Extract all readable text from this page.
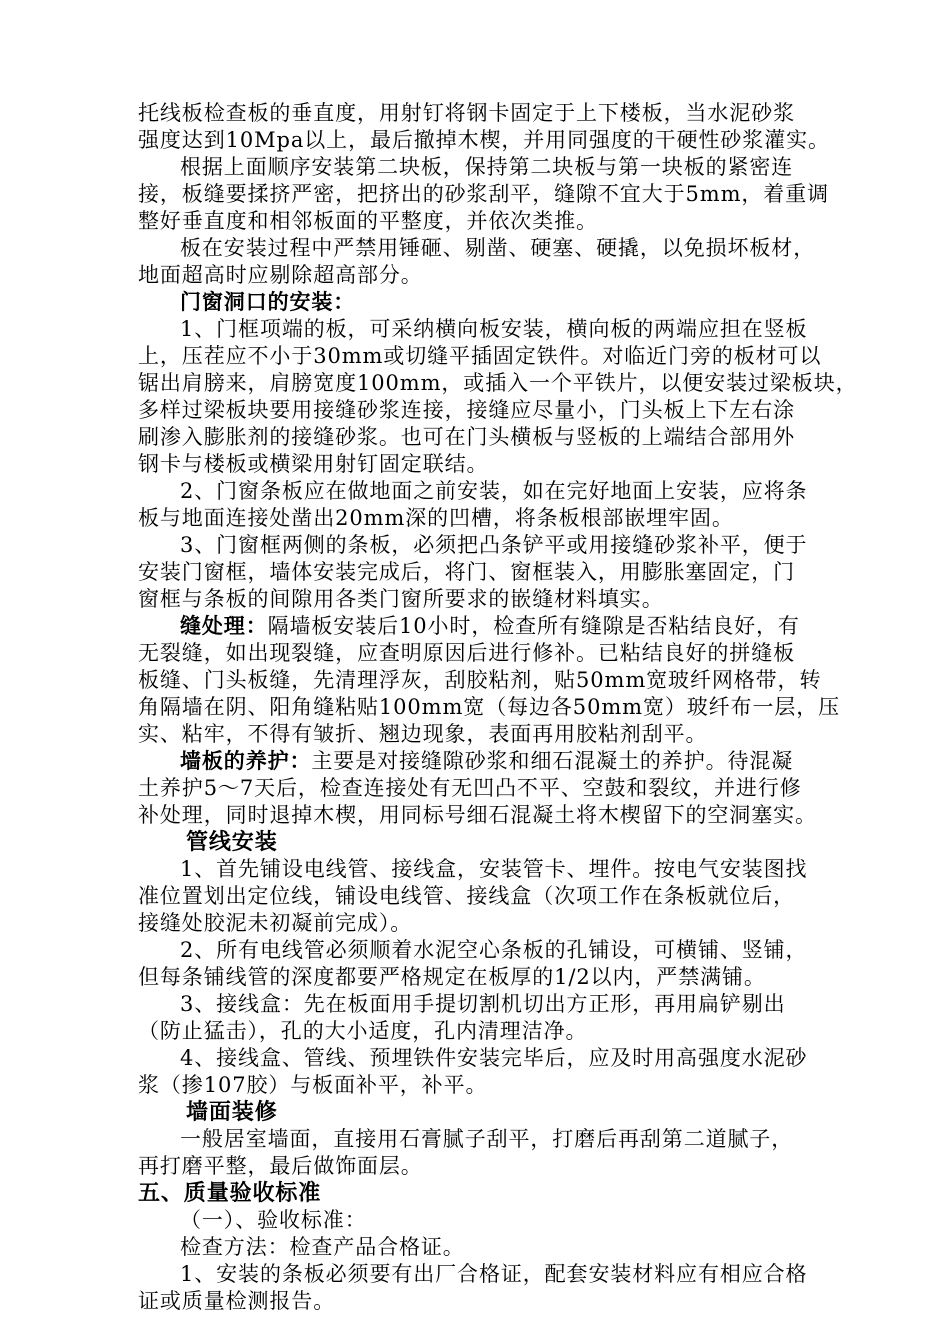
托线板检查板的垂直度，用射钉将钢卡固定于上下楼板，当水泥砂浆
强度达到10Mpa以上，最后撤掉木楔，并用同强度的干硬性砂浆灌实。
根据上面顺序安装第二块板，保持第二块板与第一块板的紧密连
接，板缝要揉挤严密，把挤出的砂浆刮平，缝隙不宜大于5mm，着重调
整好垂直度和相邻板面的平整度，并依次类推。
板在安装过程中严禁用锤砸、剔凿、硬塞、硬撬，以免损坏板材，
地面超高时应剔除超高部分。
门窗洞口的安装：
1、门框项端的板，可采纳横向板安装，横向板的两端应担在竖板
上，压茬应不小于30mm或切缝平插固定铁件。对临近门旁的板材可以
锯出肩膀来，肩膀宽度100mm，或插入一个平铁片，以便安装过梁板块，
多样过梁板块要用接缝砂浆连接，接缝应尽量小，门头板上下左右涂
刷渗入膨胀剂的接缝砂浆。也可在门头横板与竖板的上端结合部用外
钢卡与楼板或横梁用射钉固定联结。
2、门窗条板应在做地面之前安装，如在完好地面上安装，应将条
板与地面连接处凿出20mm深的凹槽，将条板根部嵌埋牢固。
3、门窗框两侧的条板，必须把凸条铲平或用接缝砂浆补平，便于
安装门窗框，墙体安装完成后，将门、窗框装入，用膨胀塞固定，门
窗框与条板的间隙用各类门窗所要求的嵌缝材料填实。
缝处理：隔墙板安装后10小时，检查所有缝隙是否粘结良好，有
无裂缝，如出现裂缝，应查明原因后进行修补。已粘结良好的拼缝板
板缝、门头板缝，先清理浮灰，刮胶粘剂，贴50mm宽玻纤网格带，转
角隔墙在阴、阳角缝粘贴100mm宽（每边各50mm宽）玻纤布一层，压
实、粘牢，不得有皱折、翘边现象，表面再用胶粘剂刮平。
墙板的养护：主要是对接缝隙砂浆和细石混凝土的养护。待混凝
土养护5～7天后，检查连接处有无凹凸不平、空鼓和裂纹，并进行修
补处理，同时退掉木楔，用同标号细石混凝土将木楔留下的空洞塞实。
管线安装
1、首先铺设电线管、接线盒，安装管卡、埋件。按电气安装图找
准位置划出定位线，铺设电线管、接线盒（次项工作在条板就位后，
接缝处胶泥未初凝前完成）。
2、所有电线管必须顺着水泥空心条板的孔铺设，可横铺、竖铺，
但每条铺线管的深度都要严格规定在板厚的1/2以内，严禁满铺。
3、接线盒：先在板面用手提切割机切出方正形，再用扁铲剔出
（防止猛击），孔的大小适度，孔内清理洁净。
4、接线盒、管线、预埋铁件安装完毕后，应及时用高强度水泥砂
浆（掺107胶）与板面补平，补平。
墙面装修
一般居室墙面，直接用石膏腻子刮平，打磨后再刮第二道腻子，
再打磨平整，最后做饰面层。
五、质量验收标准
（一）、验收标准：
检查方法：检查产品合格证。
1、安装的条板必须要有出厂合格证，配套安装材料应有相应合格
证或质量检测报告。
